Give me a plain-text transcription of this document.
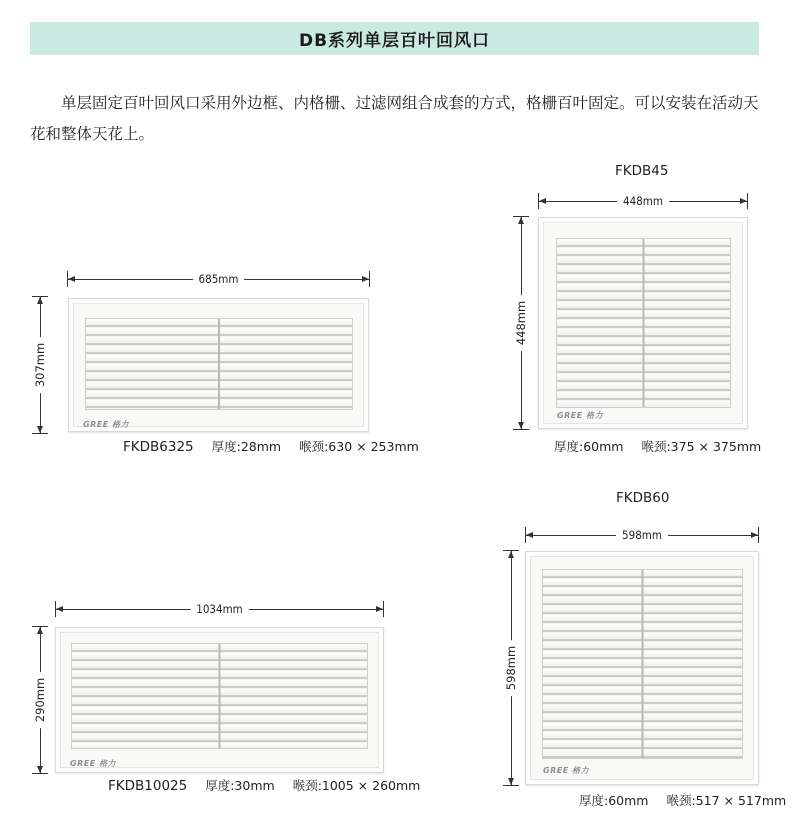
DB系列单层百叶回风口

单层固定百叶回风口采用外边框、内格栅、过滤网组合成套的方式，格栅百叶固定。可以安装在活动天花和整体天花上。

685mm
307mm
GREE 格力
FKDB6325 厚度:28mm 喉颈:630 × 253mm
FKDB45
448mm
448mm
GREE 格力
厚度:60mm 喉颈:375 × 375mm
1034mm
290mm
GREE 格力
FKDB10025 厚度:30mm 喉颈:1005 × 260mm
FKDB60
598mm
598mm
GREE 格力
厚度:60mm 喉颈:517 × 517mm
